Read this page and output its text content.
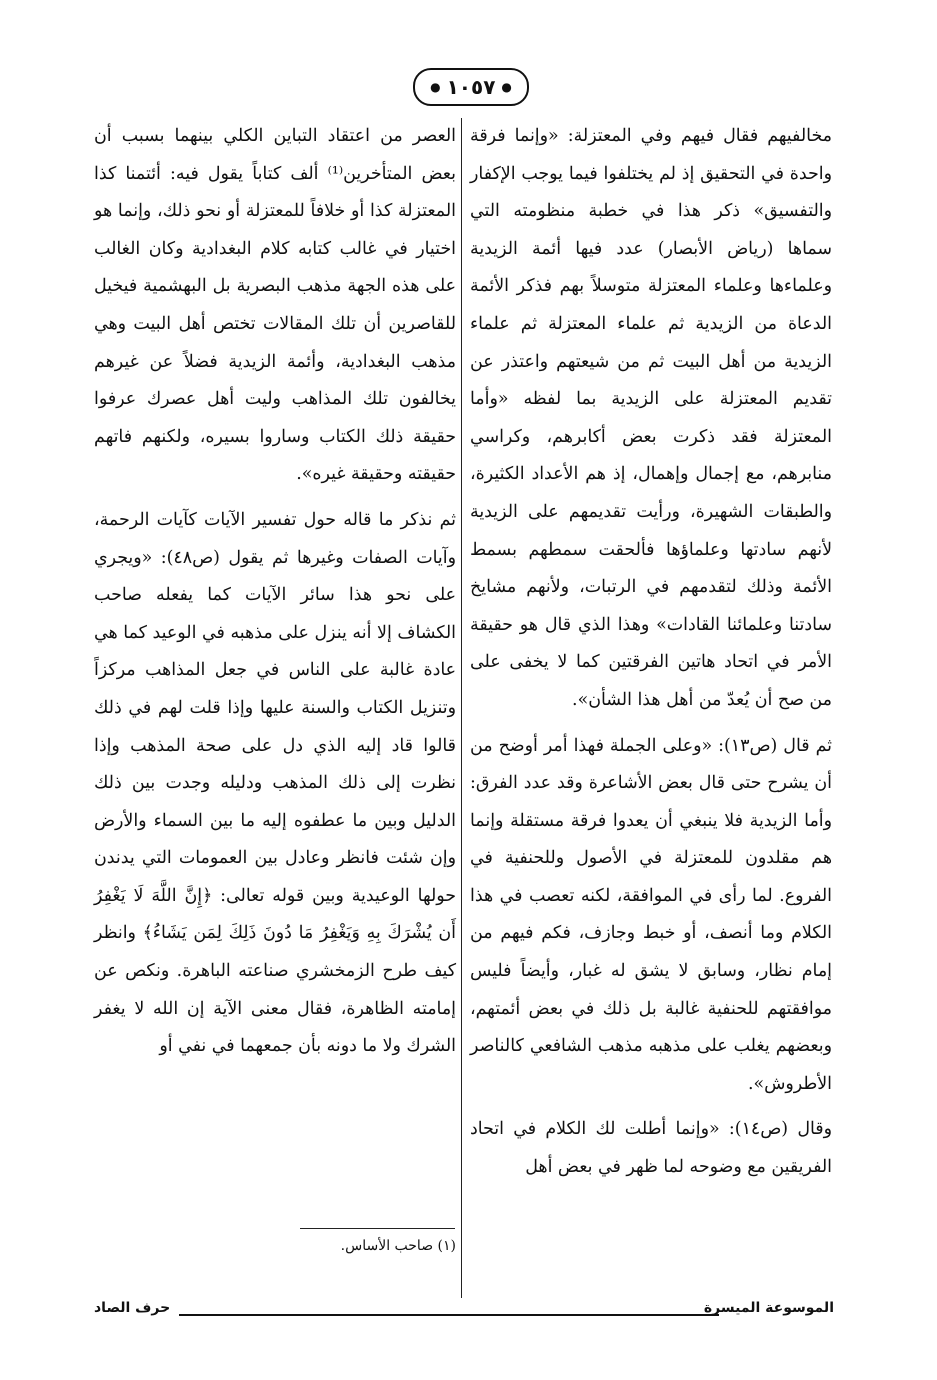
●
١٠٥٧
●

مخالفيهم فقال فيهم وفي المعتزلة: «وإنما فرقة واحدة في التحقيق إذ لم يختلفوا فيما يوجب الإكفار والتفسيق» ذكر هذا في خطبة منظومته التي سماها (رياض الأبصار) عدد فيها أئمة الزيدية وعلماءها وعلماء المعتزلة متوسلاً بهم فذكر الأئمة الدعاة من الزيدية ثم علماء المعتزلة ثم علماء الزيدية من أهل البيت ثم من شيعتهم واعتذر عن تقديم المعتزلة على الزيدية بما لفظه «وأما المعتزلة فقد ذكرت بعض أكابرهم، وكراسي منابرهم، مع إجمال وإهمال، إذ هم الأعداد الكثيرة، والطبقات الشهيرة، ورأيت تقديمهم على الزيدية لأنهم سادتها وعلماؤها فألحقت سمطهم بسمط الأئمة وذلك لتقدمهم في الرتبات، ولأنهم مشايخ سادتنا وعلمائنا القادات» وهذا الذي قال هو حقيقة الأمر في اتحاد هاتين الفرقتين كما لا يخفى على من صح أن يُعدّ من أهل هذا الشأن».

ثم قال (ص١٣): «وعلى الجملة فهذا أمر أوضح من أن يشرح حتى قال بعض الأشاعرة وقد عدد الفرق: وأما الزيدية فلا ينبغي أن يعدوا فرقة مستقلة وإنما هم مقلدون للمعتزلة في الأصول وللحنفية في الفروع. لما رأى في الموافقة، لكنه تعصب في هذا الكلام وما أنصف، أو خبط وجازف، فكم فيهم من إمام نظار، وسابق لا يشق له غبار، وأيضاً فليس موافقتهم للحنفية غالبة بل ذلك في بعض أئمتهم، وبعضهم يغلب على مذهبه مذهب الشافعي كالناصر الأطروش».

وقال (ص١٤): «وإنما أطلت لك الكلام في اتحاد الفريقين مع وضوحه لما ظهر في بعض أهل

العصر من اعتقاد التباين الكلي بينهما بسبب أن بعض المتأخرين⁽¹⁾ ألف كتاباً يقول فيه: أئتمنا كذا المعتزلة كذا أو خلافاً للمعتزلة أو نحو ذلك، وإنما هو اختيار في غالب كتابه كلام البغدادية وكان الغالب على هذه الجهة مذهب البصرية بل البهشمية فيخيل للقاصرين أن تلك المقالات تختص أهل البيت وهي مذهب البغدادية، وأئمة الزيدية فضلاً عن غيرهم يخالفون تلك المذاهب وليت أهل عصرك عرفوا حقيقة ذلك الكتاب وساروا بسيره، ولكنهم فاتهم حقيقته وحقيقة غيره».

ثم نذكر ما قاله حول تفسير الآيات كآيات الرحمة، وآيات الصفات وغيرها ثم يقول (ص٤٨): «ويجري على نحو هذا سائر الآيات كما يفعله صاحب الكشاف إلا أنه ينزل على مذهبه في الوعيد كما هي عادة غالبة على الناس في جعل المذاهب مركزاً وتنزيل الكتاب والسنة عليها وإذا قلت لهم في ذلك قالوا قاد إليه الذي دل على صحة المذهب وإذا نظرت إلى ذلك المذهب ودليله وجدت بين ذلك الدليل وبين ما عطفوه إليه ما بين السماء والأرض وإن شئت فانظر وعادل بين العمومات التي يدندن حولها الوعيدية وبين قوله تعالى: ﴿إِنَّ اللَّهَ لَا يَغْفِرُ أَن يُشْرَكَ بِهِ وَيَغْفِرُ مَا دُونَ ذَلِكَ لِمَن يَشَاءُ﴾ وانظر كيف طرح الزمخشري صناعته الباهرة. ونكص عن إمامته الظاهرة، فقال معنى الآية إن الله لا يغفر الشرك ولا ما دونه بأن جمعهما في نفي أو

(١) صاحب الأساس.
حرف الصاد	الموسوعة الميسرة
